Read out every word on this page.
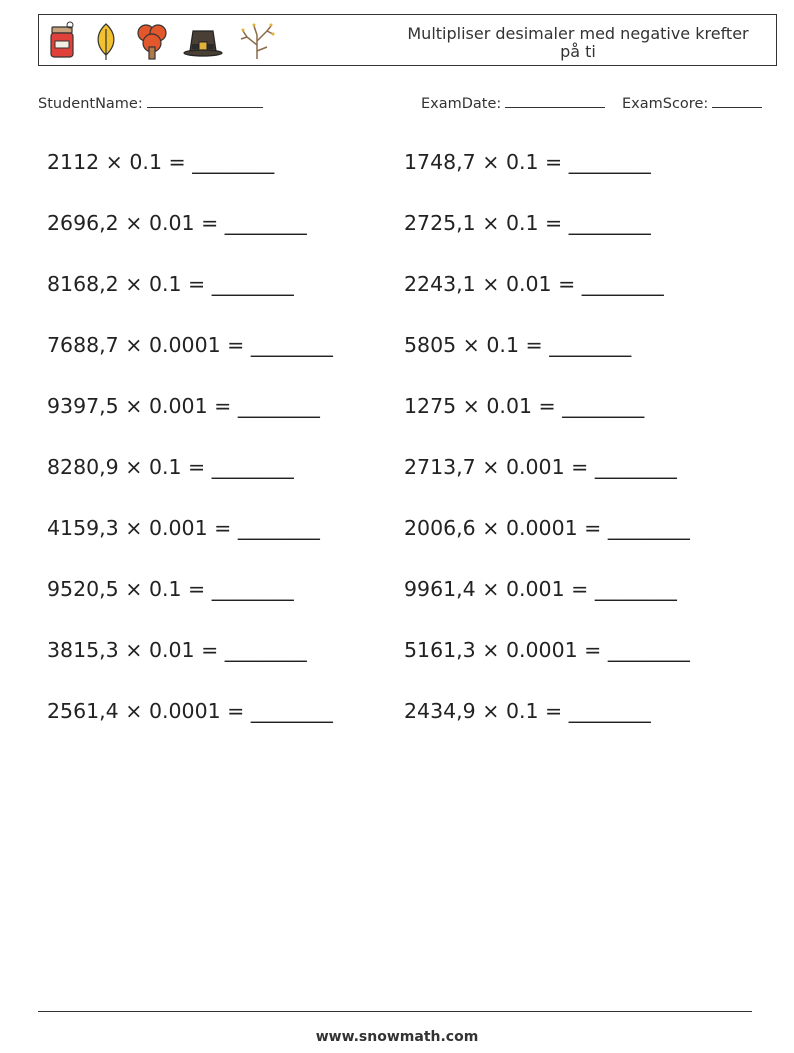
Multipliser desimaler med negative krefter på ti
StudentName:	ExamDate:	ExamScore:
2112 × 0.1 = ________	1748,7 × 0.1 = ________
2696,2 × 0.01 = ________	2725,1 × 0.1 = ________
8168,2 × 0.1 = ________	2243,1 × 0.01 = ________
7688,7 × 0.0001 = ________	5805 × 0.1 = ________
9397,5 × 0.001 = ________	1275 × 0.01 = ________
8280,9 × 0.1 = ________	2713,7 × 0.001 = ________
4159,3 × 0.001 = ________	2006,6 × 0.0001 = ________
9520,5 × 0.1 = ________	9961,4 × 0.001 = ________
3815,3 × 0.01 = ________	5161,3 × 0.0001 = ________
2561,4 × 0.0001 = ________	2434,9 × 0.1 = ________
www.snowmath.com
